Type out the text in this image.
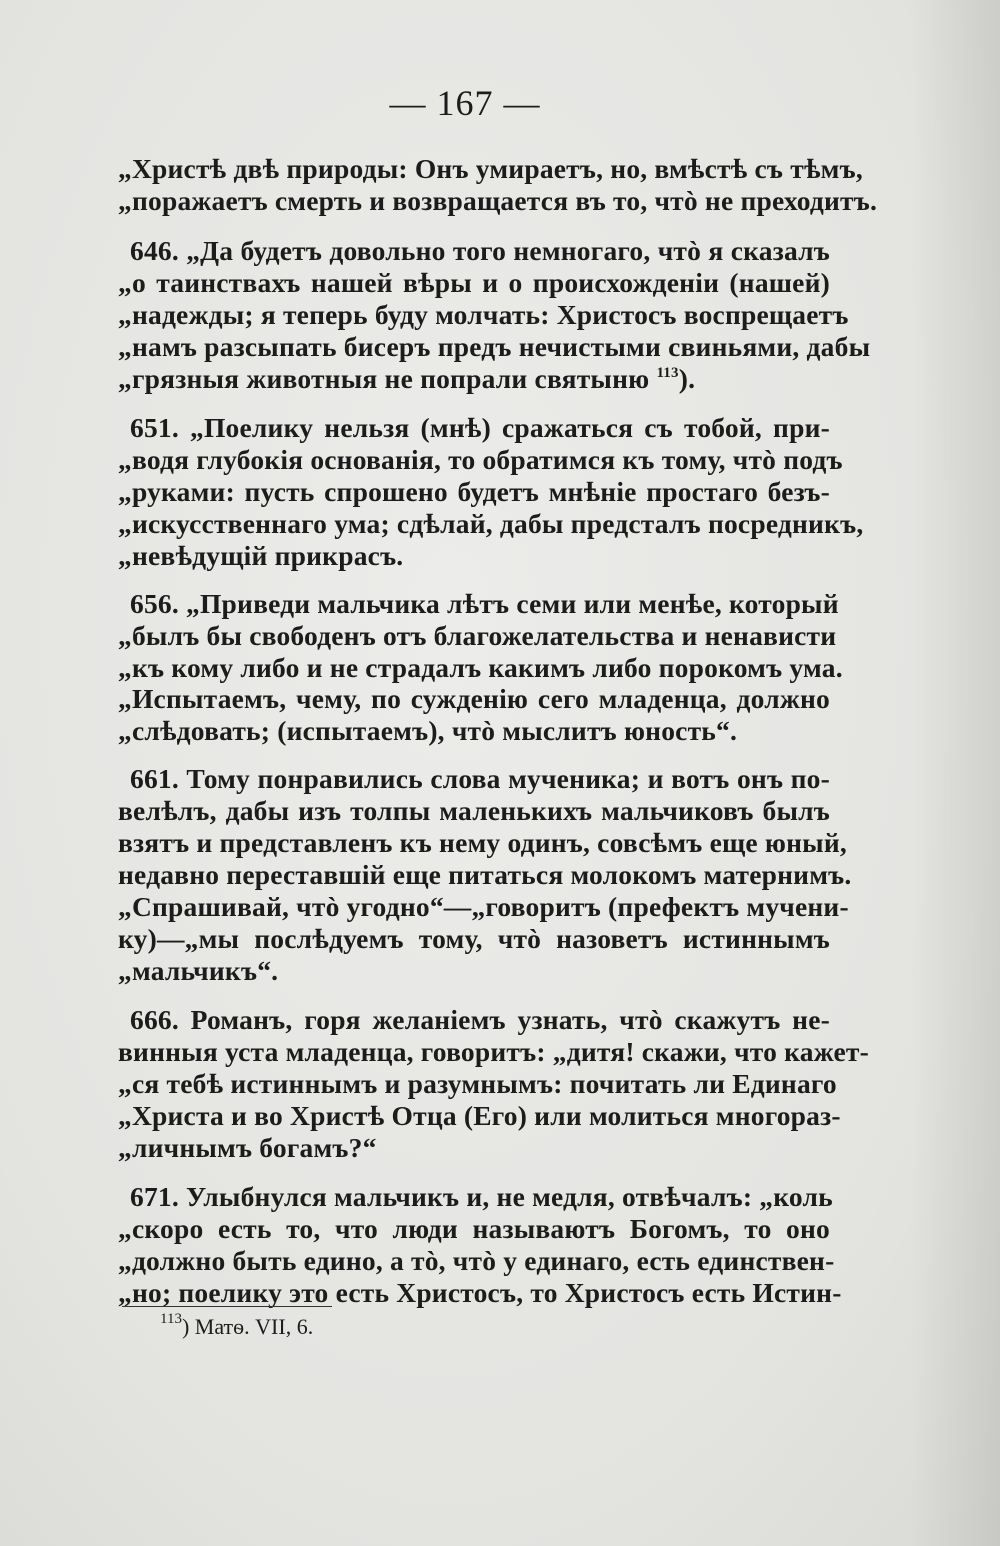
— 167 —
„Христѣ двѣ природы: Онъ умираетъ, но, вмѣстѣ съ тѣмъ,
„поражаетъ смерть и возвращается въ то, чтò не преходитъ.
646. „Да будетъ довольно того немногаго, чтò я сказалъ
„о таинствахъ нашей вѣры и о происхожденіи (нашей)
„надежды; я теперь буду молчать: Христосъ воспрещаетъ
„намъ разсыпать бисеръ предъ нечистыми свиньями, дабы
„грязныя животныя не попрали святыню $^{113}$).
651. „Поелику нельзя (мнѣ) сражаться съ тобой, при-
„водя глубокія основанія, то обратимся къ тому, чтò подъ
„руками: пусть спрошено будетъ мнѣніе простаго безъ-
„искусственнаго ума; сдѣлай, дабы предсталъ посредникъ,
„невѣдущій прикрасъ.
656. „Приведи мальчика лѣтъ семи или менѣе, который
„былъ бы свободенъ отъ благожелательства и ненависти
„къ кому либо и не страдалъ какимъ либо порокомъ ума.
„Испытаемъ, чему, по сужденію сего младенца, должно
„слѣдовать; (испытаемъ), чтò мыслитъ юность“.
661. Тому понравились слова мученика; и вотъ онъ по-
велѣлъ, дабы изъ толпы маленькихъ мальчиковъ былъ
взятъ и представленъ къ нему одинъ, совсѣмъ еще юный,
недавно переставшій еще питаться молокомъ матернимъ.
„Спрашивай, чтò угодно“—„говоритъ (префектъ мучени-
ку)—„мы послѣдуемъ тому, чтò назоветъ истиннымъ
„мальчикъ“.
666. Романъ, горя желаніемъ узнать, чтò скажутъ не-
винныя уста младенца, говоритъ: „дитя! скажи, что кажет-
„ся тебѣ истиннымъ и разумнымъ: почитать ли Единаго
„Христа и во Христѣ Отца (Его) или молиться многораз-
„личнымъ богамъ?“
671. Улыбнулся мальчикъ и, не медля, отвѣчалъ: „коль
„скоро есть то, что люди называютъ Богомъ, то оно
„должно быть едино, а тò, чтò у единаго, есть единствен-
„но; поелику это есть Христосъ, то Христосъ есть Истин-
$^{113}$) Матѳ. VII, 6.
